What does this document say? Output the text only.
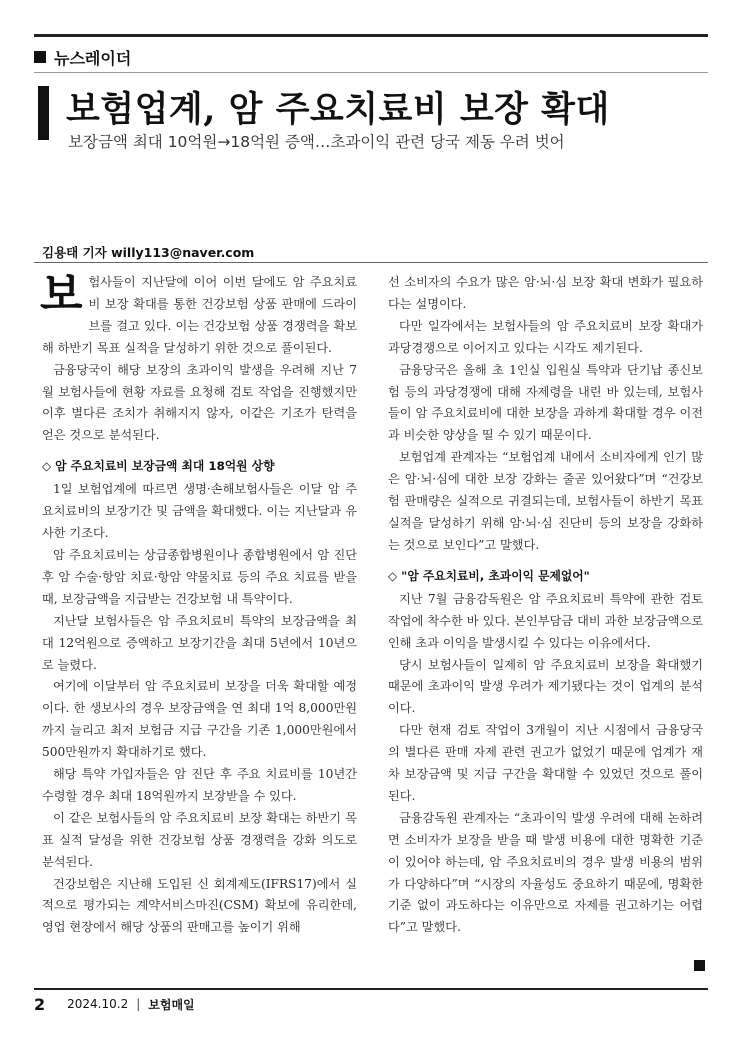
뉴스레이더
보험업계, 암 주요치료비 보장 확대
보장금액 최대 10억원→18억원 증액…초과이익 관련 당국 제동 우려 벗어
김용태 기자 willy113@naver.com

보험사들이 지난달에 이어 이번 달에도 암 주요치료비 보장 확대를 통한 건강보험 상품 판매에 드라이브를 걸고 있다. 이는 건강보험 상품 경쟁력을 확보해 하반기 목표 실적을 달성하기 위한 것으로 풀이된다.

금융당국이 해당 보장의 초과이익 발생을 우려해 지난 7월 보험사들에 현황 자료를 요청해 검토 작업을 진행했지만 이후 별다른 조치가 취해지지 않자, 이같은 기조가 탄력을 얻은 것으로 분석된다.

◇ 암 주요치료비 보장금액 최대 18억원 상향

1일 보험업계에 따르면 생명·손해보험사들은 이달 암 주요치료비의 보장기간 및 금액을 확대했다. 이는 지난달과 유사한 기조다.

암 주요치료비는 상급종합병원이나 종합병원에서 암 진단 후 암 수술·항암 치료·항암 약물치료 등의 주요 치료를 받을 때, 보장금액을 지급받는 건강보험 내 특약이다.

지난달 보험사들은 암 주요치료비 특약의 보장금액을 최대 12억원으로 증액하고 보장기간을 최대 5년에서 10년으로 늘렸다.

여기에 이달부터 암 주요치료비 보장을 더욱 확대할 예정이다. 한 생보사의 경우 보장금액을 연 최대 1억 8,000만원까지 늘리고 최저 보험금 지급 구간을 기존 1,000만원에서 500만원까지 확대하기로 했다.

해당 특약 가입자들은 암 진단 후 주요 치료비를 10년간 수령할 경우 최대 18억원까지 보장받을 수 있다.

이 같은 보험사들의 암 주요치료비 보장 확대는 하반기 목표 실적 달성을 위한 건강보험 상품 경쟁력을 강화 의도로 분석된다.

건강보험은 지난해 도입된 신 회계제도(IFRS17)에서 실적으로 평가되는 계약서비스마진(CSM) 확보에 유리한데, 영업 현장에서 해당 상품의 판매고를 높이기 위해

선 소비자의 수요가 많은 암·뇌·심 보장 확대 변화가 필요하다는 설명이다.

다만 일각에서는 보험사들의 암 주요치료비 보장 확대가 과당경쟁으로 이어지고 있다는 시각도 제기된다.

금융당국은 올해 초 1인실 입원실 특약과 단기납 종신보험 등의 과당경쟁에 대해 자제령을 내린 바 있는데, 보험사들이 암 주요치료비에 대한 보장을 과하게 확대할 경우 이전과 비슷한 양상을 띨 수 있기 때문이다.

보험업계 관계자는 “보험업계 내에서 소비자에게 인기 많은 암·뇌·심에 대한 보장 강화는 줄곧 있어왔다”며 “건강보험 판매량은 실적으로 귀결되는데, 보험사들이 하반기 목표 실적을 달성하기 위해 암·뇌·심 진단비 등의 보장을 강화하는 것으로 보인다”고 말했다.

◇ "암 주요치료비, 초과이익 문제없어"

지난 7월 금융감독원은 암 주요치료비 특약에 관한 검토 작업에 착수한 바 있다. 본인부담금 대비 과한 보장금액으로 인해 초과 이익을 발생시킬 수 있다는 이유에서다.

당시 보험사들이 일제히 암 주요치료비 보장을 확대했기 때문에 초과이익 발생 우려가 제기됐다는 것이 업계의 분석이다.

다만 현재 검토 작업이 3개월이 지난 시점에서 금융당국의 별다른 판매 자제 관련 권고가 없었기 때문에 업계가 재차 보장금액 및 지급 구간을 확대할 수 있었던 것으로 풀이된다.

금융감독원 관계자는 “초과이익 발생 우려에 대해 논하려면 소비자가 보장을 받을 때 발생 비용에 대한 명확한 기준이 있어야 하는데, 암 주요치료비의 경우 발생 비용의 범위가 다양하다”며 “시장의 자율성도 중요하기 때문에, 명확한 기준 없이 과도하다는 이유만으로 자제를 권고하기는 어렵다”고 말했다.

2 2024.10.2 | 보험매일
